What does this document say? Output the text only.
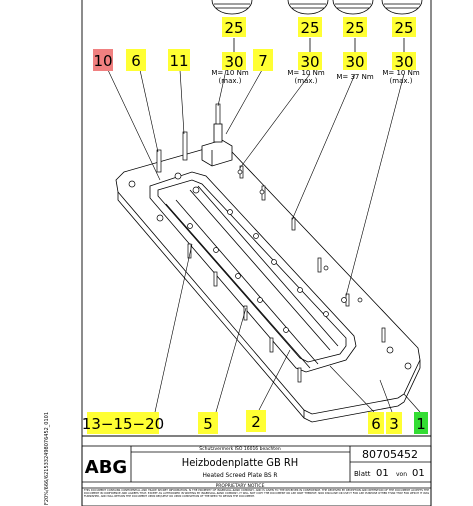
F20%/666/6215332498076452_0101
10 6 11 30 7 30 30 30
25	25 25 25
13−15−20	5	2	6 3 1
M= 10 Nm
(max.)
M= 10 Nm
(max.)	M= 37 Nm M= 10 Nm
(max.)
ABG
Schutzvermerk ISO 16016 beachten
Heizbodenplatte GB RH
Heated Screed Plate BS R
80705452
Blatt 01 von 01
PROPRIETARY NOTICE
THIS DOCUMENT CONTAINS CONFIDENTIAL AND TRADE SECRET INFORMATION, IS THE PROPERTY OF INGERSOLL-RAND COMPANY, AND IS GIVEN TO THE RECEIVER IN CONFIDENCE. THE RECEIVER BY RECEPTION AND RETENTION OF THE DOCUMENT ACCEPTS THE DOCUMENT IN CONFIDENCE AND AGREES THAT, EXCEPT AS AUTHORIZED IN WRITING BY INGERSOLL-RAND COMPANY, IT WILL NOT COPY THE DOCUMENT OR ANY PART THEREOF, NOR DISCLOSE OR USE IT FOR ANY PURPOSE OTHER THAN THAT FOR WHICH IT WAS FURNISHED, AND WILL RETURN THE DOCUMENT UPON REQUEST OR UPON COMPLETION OF THE NEED TO RETAIN THE DOCUMENT.
